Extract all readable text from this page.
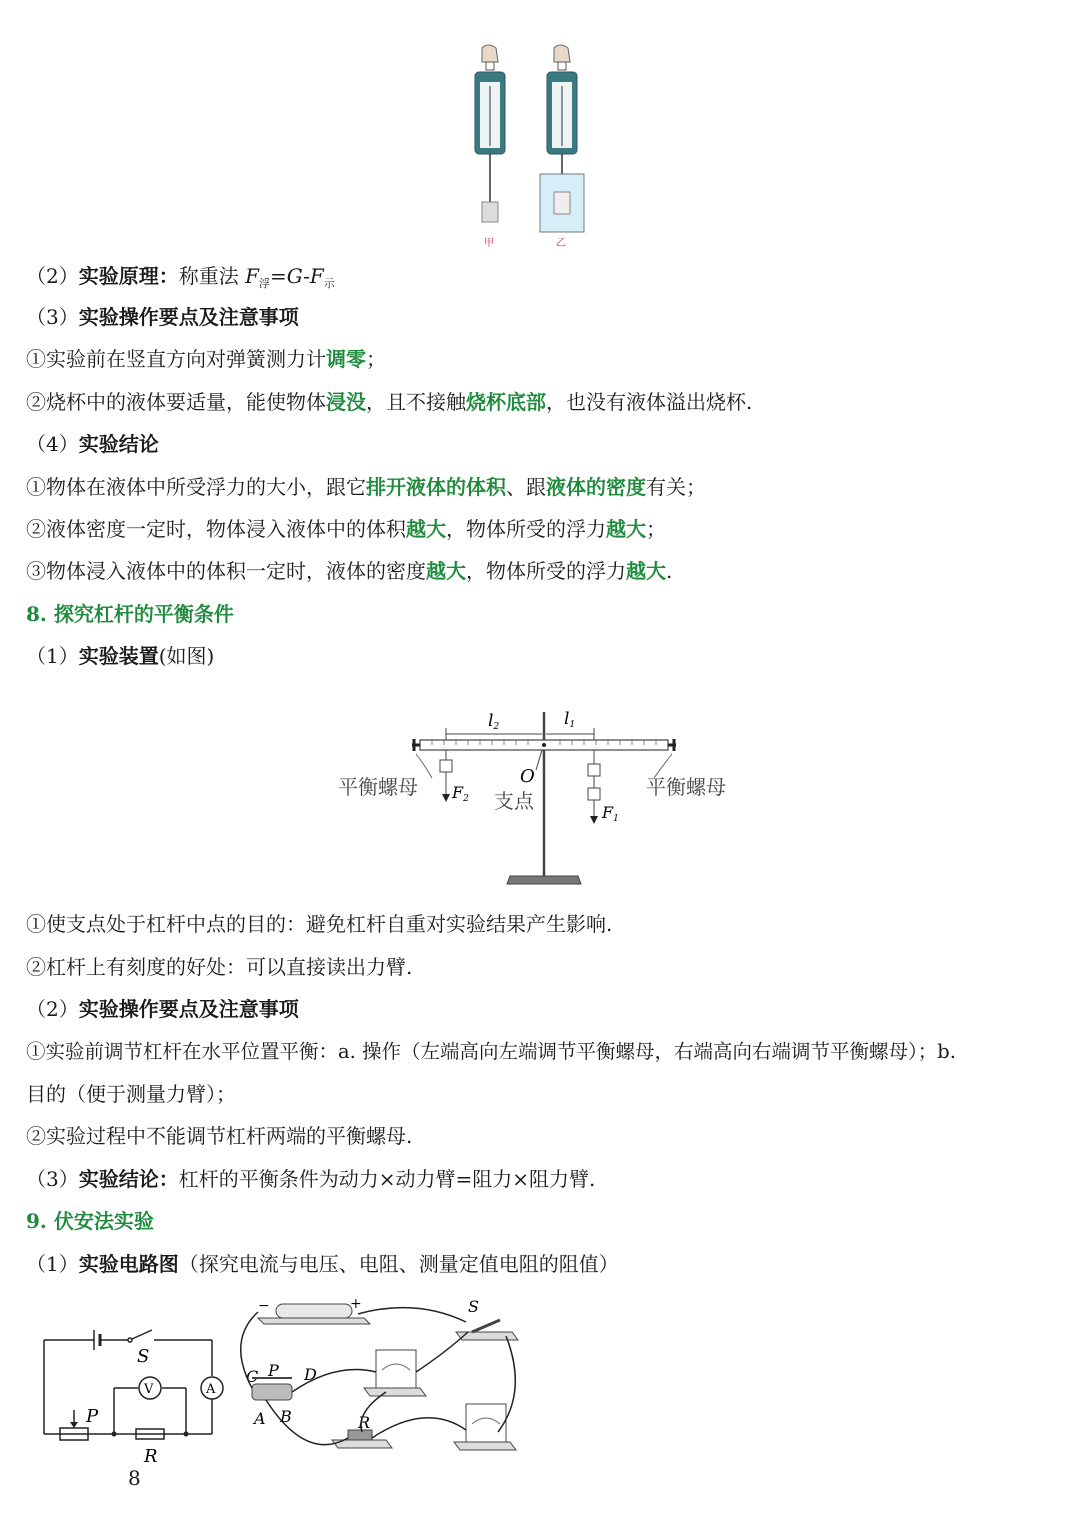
甲	乙
（2）实验原理：称重法 $F_浮=G-F_示$
（3）实验操作要点及注意事项
①实验前在竖直方向对弹簧测力计调零；
②烧杯中的液体要适量，能使物体浸没，且不接触烧杯底部，也没有液体溢出烧杯.
（4）实验结论
①物体在液体中所受浮力的大小，跟它排开液体的体积、跟液体的密度有关；
②液体密度一定时，物体浸入液体中的体积越大，物体所受的浮力越大；
③物体浸入液体中的体积一定时，液体的密度越大，物体所受的浮力越大.
8. 探究杠杆的平衡条件
（1）实验装置(如图)
l2	l1
F2
F1
O
支点
平衡螺母	平衡螺母
①使支点处于杠杆中点的目的：避免杠杆自重对实验结果产生影响.
②杠杆上有刻度的好处：可以直接读出力臂.
（2）实验操作要点及注意事项
①实验前调节杠杆在水平位置平衡：a. 操作（左端高向左端调节平衡螺母，右端高向右端调节平衡螺母）；b.
目的（便于测量力臂）；
②实验过程中不能调节杠杆两端的平衡螺母.
（3）实验结论：杠杆的平衡条件为动力×动力臂=阻力×阻力臂.
9. 伏安法实验
（1）实验电路图（探究电流与电压、电阻、测量定值电阻的阻值）
S
V	A
P
R
−	+	S
C P D
A B	R
8
